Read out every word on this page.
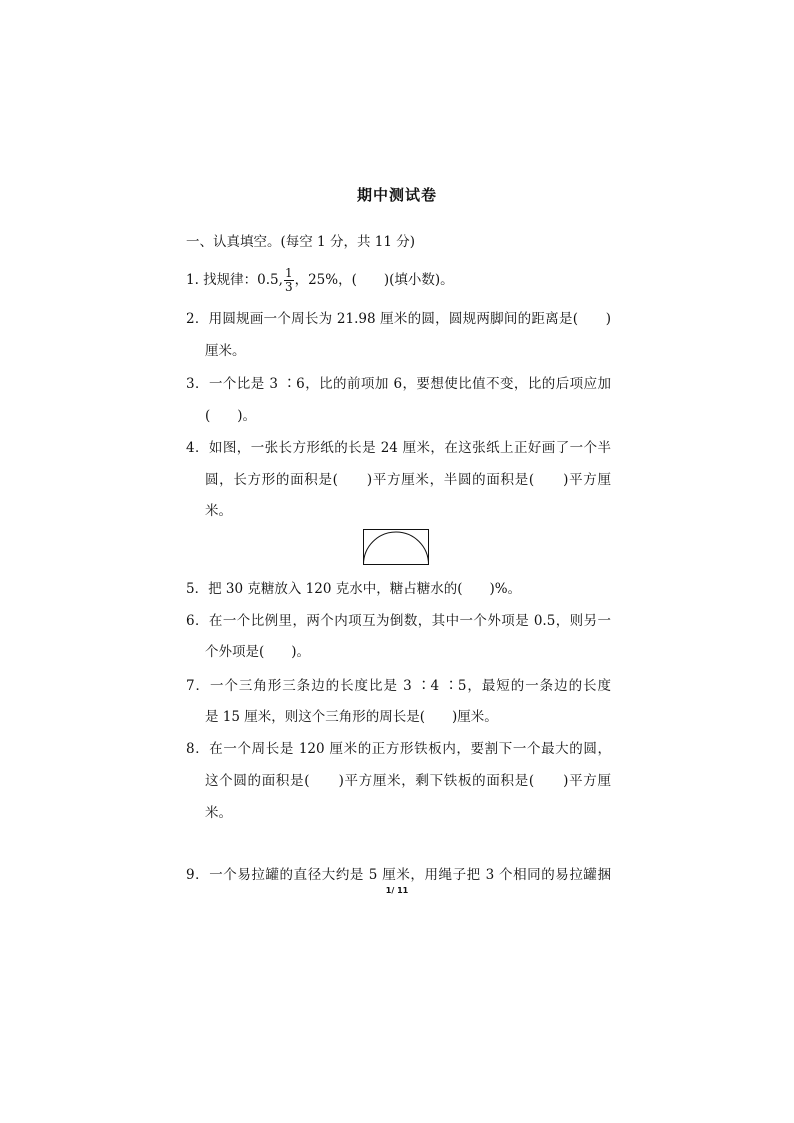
期中测试卷
一、认真填空。(每空 1 分，共 11 分)
1. 找规律：0.5, $\frac{1}{3}$ ，25%，(　　)(填小数)。
2．用圆规画一个周长为 21.98 厘米的圆，圆规两脚间的距离是(　　)
厘米。
3．一个比是 3 ∶6，比的前项加 6，要想使比值不变，比的后项应加
(　　)。
4．如图，一张长方形纸的长是 24 厘米，在这张纸上正好画了一个半
圆，长方形的面积是(　　)平方厘米，半圆的面积是(　　)平方厘
米。
5．把 30 克糖放入 120 克水中，糖占糖水的(　　)%。
6．在一个比例里，两个内项互为倒数，其中一个外项是 0.5，则另一
个外项是(　　)。
7．一个三角形三条边的长度比是 3 ∶4 ∶5，最短的一条边的长度
是 15 厘米，则这个三角形的周长是(　　)厘米。
8．在一个周长是 120 厘米的正方形铁板内，要割下一个最大的圆，
这个圆的面积是(　　)平方厘米，剩下铁板的面积是(　　)平方厘
米。
9．一个易拉罐的直径大约是 5 厘米，用绳子把 3 个相同的易拉罐捆
1/ 11
